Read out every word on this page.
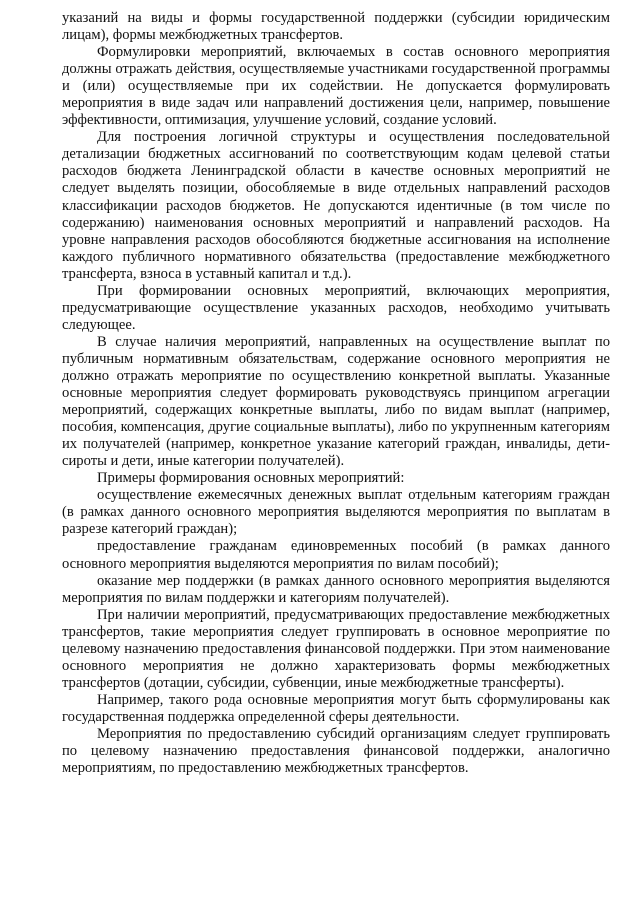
указаний на виды и формы государственной поддержки (субсидии юридическим лицам), формы межбюджетных трансфертов.

Формулировки мероприятий, включаемых в состав основного мероприятия должны отражать действия, осуществляемые участниками государственной программы и (или) осуществляемые при их содействии. Не допускается формулировать мероприятия в виде задач или направлений достижения цели, например, повышение эффективности, оптимизация, улучшение условий, создание условий.

Для построения логичной структуры и осуществления последовательной детализации бюджетных ассигнований по соответствующим кодам целевой статьи расходов бюджета Ленинградской области в качестве основных мероприятий не следует выделять позиции, обособляемые в виде отдельных направлений расходов классификации расходов бюджетов. Не допускаются идентичные (в том числе по содержанию) наименования основных мероприятий и направлений расходов. На уровне направления расходов обособляются бюджетные ассигнования на исполнение каждого публичного нормативного обязательства (предоставление межбюджетного трансферта, взноса в уставный капитал и т.д.).

При формировании основных мероприятий, включающих мероприятия, предусматривающие осуществление указанных расходов, необходимо учитывать следующее.

В случае наличия мероприятий, направленных на осуществление выплат по публичным нормативным обязательствам, содержание основного мероприятия не должно отражать мероприятие по осуществлению конкретной выплаты. Указанные основные мероприятия следует формировать руководствуясь принципом агрегации мероприятий, содержащих конкретные выплаты, либо по видам выплат (например, пособия, компенсация, другие социальные выплаты), либо по укрупненным категориям их получателей (например, конкретное указание категорий граждан, инвалиды, дети-сироты и дети, иные категории получателей).

Примеры формирования основных мероприятий:

осуществление ежемесячных денежных выплат отдельным категориям граждан (в рамках данного основного мероприятия выделяются мероприятия по выплатам в разрезе категорий граждан);

предоставление гражданам единовременных пособий (в рамках данного основного мероприятия выделяются мероприятия по вилам пособий);

оказание мер поддержки (в рамках данного основного мероприятия выделяются мероприятия по вилам поддержки и категориям получателей).

При наличии мероприятий, предусматривающих предоставление межбюджетных трансфертов, такие мероприятия следует группировать в основное мероприятие по целевому назначению предоставления финансовой поддержки. При этом наименование основного мероприятия не должно характеризовать формы межбюджетных трансфертов (дотации, субсидии, субвенции, иные межбюджетные трансферты).

Например, такого рода основные мероприятия могут быть сформулированы как государственная поддержка определенной сферы деятельности.

Мероприятия по предоставлению субсидий организациям следует группировать по целевому назначению предоставления финансовой поддержки, аналогично мероприятиям, по предоставлению межбюджетных трансфертов.
